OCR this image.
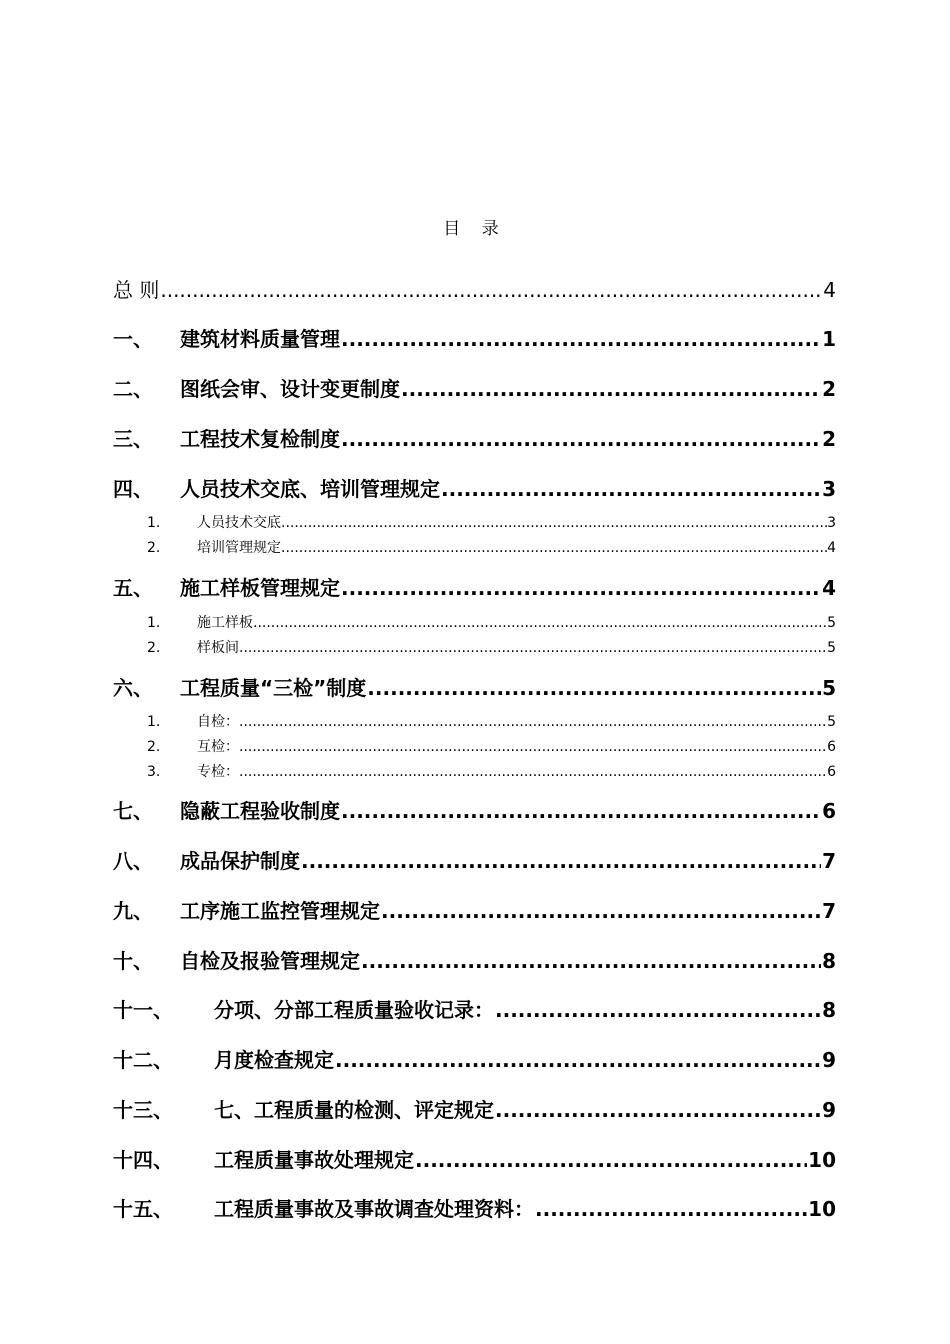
目 录
总 则 .....	4
一、	建筑材料质量管理 .....	1
二、	图纸会审、设计变更制度 .....	2
三、	工程技术复检制度 .....	2
四、	人员技术交底、培训管理规定 .....	3
1.	人员技术交底 .....	3
2.	培训管理规定 .....	4
五、	施工样板管理规定 .....	4
1.	施工样板 .....	5
2.	样板间 .....	5
六、	工程质量“三检”制度 .....	5
1.	自检： .....	5
2.	互检： .....	6
3.	专检： .....	6
七、	隐蔽工程验收制度 .....	6
八、	成品保护制度 .....	7
九、	工序施工监控管理规定 .....	7
十、	自检及报验管理规定 .....	8
十一、	分项、分部工程质量验收记录： .....	8
十二、	月度检查规定 .....	9
十三、	七、工程质量的检测、评定规定 .....	9
十四、	工程质量事故处理规定 .....	10
十五、	工程质量事故及事故调查处理资料： .....	10
